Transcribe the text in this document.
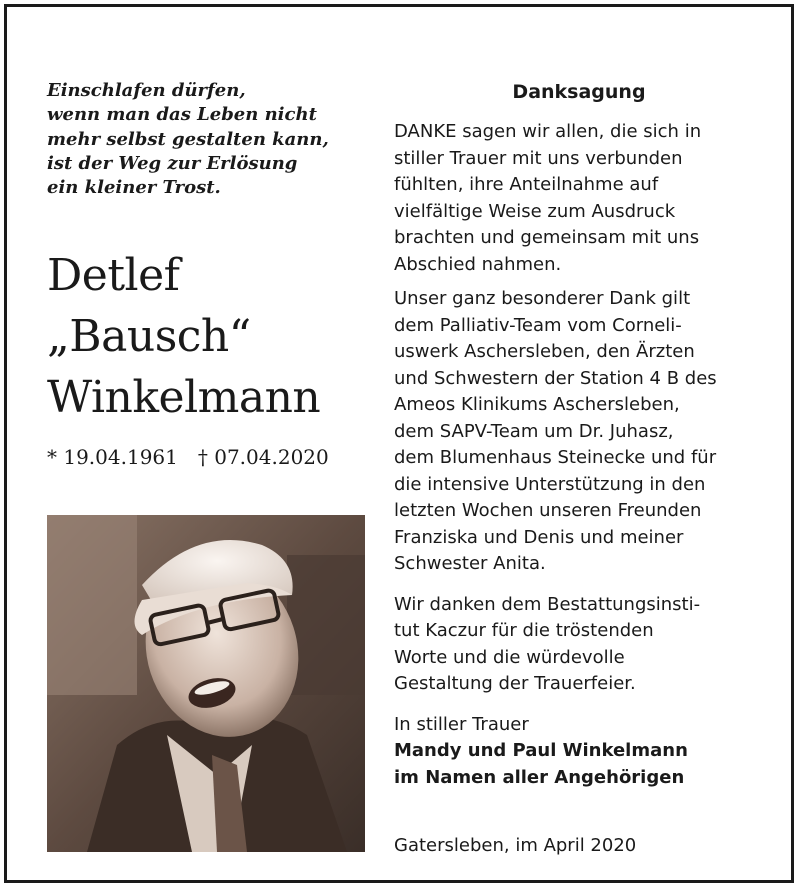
Einschlafen dürfen,
wenn man das Leben nicht
mehr selbst gestalten kann,
ist der Weg zur Erlösung
ein kleiner Trost.
Detlef
„Bausch“
Winkelmann
* 19.04.1961 † 07.04.2020
Danksagung
DANKE sagen wir allen, die sich in
stiller Trauer mit uns verbunden
fühlten, ihre Anteilnahme auf
vielfältige Weise zum Ausdruck
brachten und gemeinsam mit uns
Abschied nahmen.
Unser ganz besonderer Dank gilt
dem Palliativ-Team vom Corneli-
uswerk Aschersleben, den Ärzten
und Schwestern der Station 4 B des
Ameos Klinikums Aschersleben,
dem SAPV-Team um Dr. Juhasz,
dem Blumenhaus Steinecke und für
die intensive Unterstützung in den
letzten Wochen unseren Freunden
Franziska und Denis und meiner
Schwester Anita.
Wir danken dem Bestattungsinsti-
tut Kaczur für die tröstenden
Worte und die würdevolle
Gestaltung der Trauerfeier.
In stiller Trauer
Mandy und Paul Winkelmann
im Namen aller Angehörigen
Gatersleben, im April 2020
